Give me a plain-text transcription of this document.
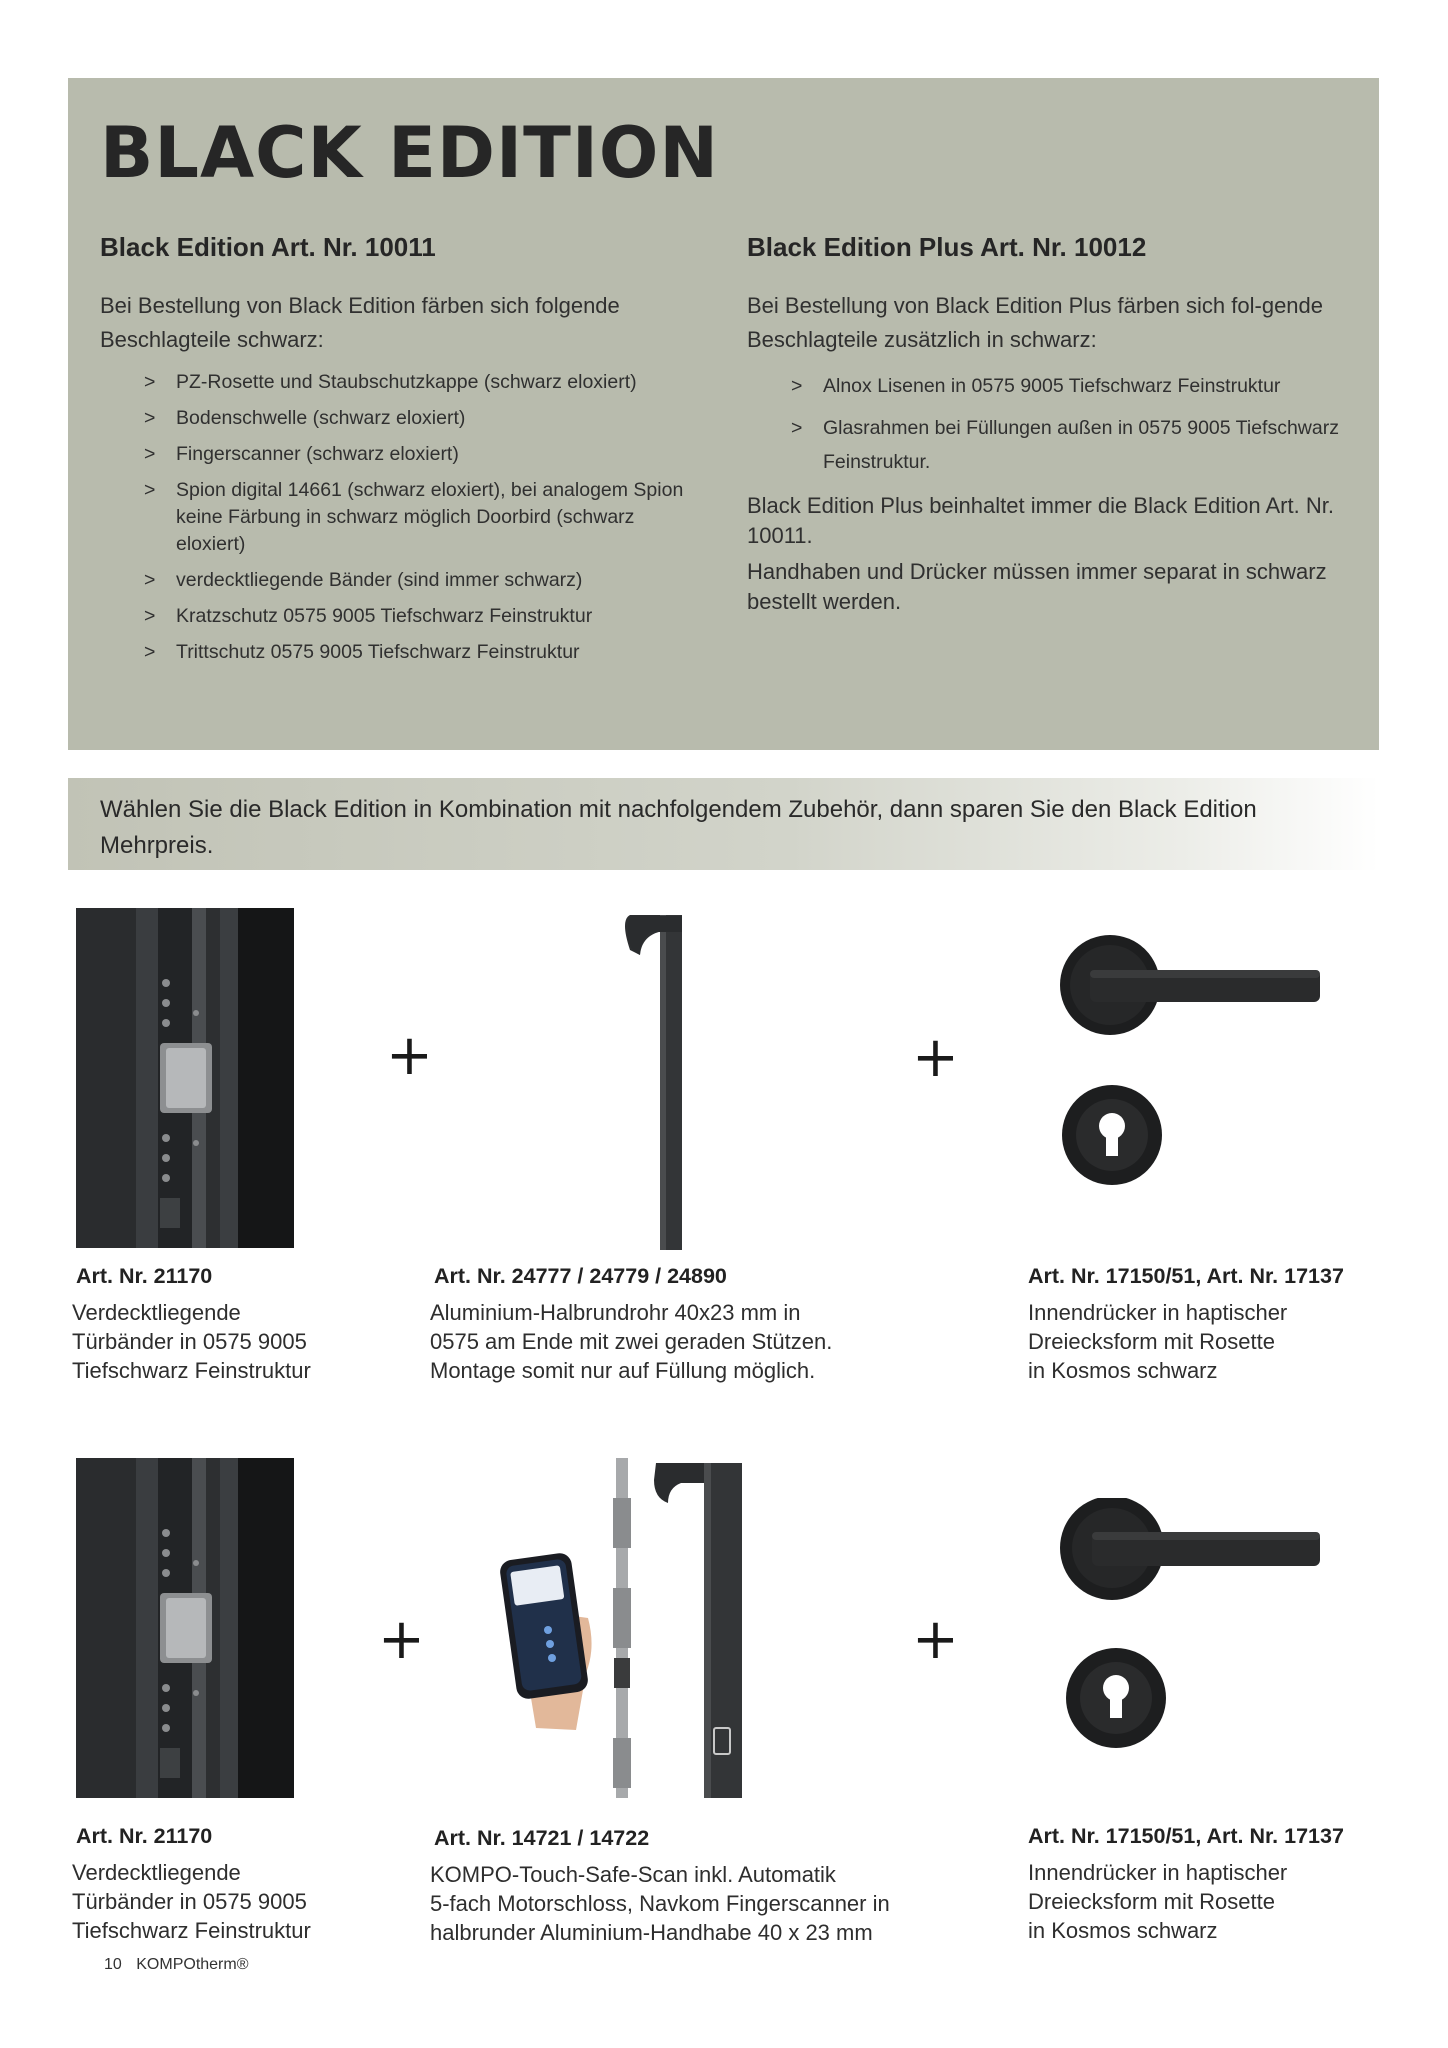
BLACK EDITION
Black Edition Art. Nr. 10011

Bei Bestellung von Black Edition färben sich folgende Beschlagteile schwarz:

> PZ-Rosette und Staubschutzkappe (schwarz eloxiert)
> Bodenschwelle (schwarz eloxiert)
> Fingerscanner (schwarz eloxiert)
> Spion digital 14661 (schwarz eloxiert), bei analogem Spion keine Färbung in schwarz möglich Doorbird (schwarz eloxiert)
> verdecktliegende Bänder (sind immer schwarz)
> Kratzschutz 0575 9005 Tiefschwarz Feinstruktur
> Trittschutz 0575 9005 Tiefschwarz Feinstruktur
Black Edition Plus Art. Nr. 10012

Bei Bestellung von Black Edition Plus färben sich fol-gende Beschlagteile zusätzlich in schwarz:

> Alnox Lisenen in 0575 9005 Tiefschwarz Feinstruktur
> Glasrahmen bei Füllungen außen in 0575 9005 Tiefschwarz Feinstruktur.

Black Edition Plus beinhaltet immer die Black Edition Art. Nr. 10011.

Handhaben und Drücker müssen immer separat in schwarz bestellt werden.

Wählen Sie die Black Edition in Kombination mit nachfolgendem Zubehör, dann sparen Sie den Black Edition Mehrpreis.
+	+
Art. Nr. 21170
Verdecktliegende
Türbänder in 0575 9005
Tiefschwarz Feinstruktur
Art. Nr. 24777 / 24779 / 24890
Aluminium-Halbrundrohr 40x23 mm in
0575 am Ende mit zwei geraden Stützen.
Montage somit nur auf Füllung möglich.
Art. Nr. 17150/51, Art. Nr. 17137
Innendrücker in haptischer
Dreiecksform mit Rosette
in Kosmos schwarz
+	+
Art. Nr. 21170
Verdecktliegende
Türbänder in 0575 9005
Tiefschwarz Feinstruktur
Art. Nr. 14721 / 14722
KOMPO-Touch-Safe-Scan inkl. Automatik
5-fach Motorschloss, Navkom Fingerscanner in
halbrunder Aluminium-Handhabe 40 x 23 mm
Art. Nr. 17150/51, Art. Nr. 17137
Innendrücker in haptischer
Dreiecksform mit Rosette
in Kosmos schwarz
10 KOMPOtherm®
